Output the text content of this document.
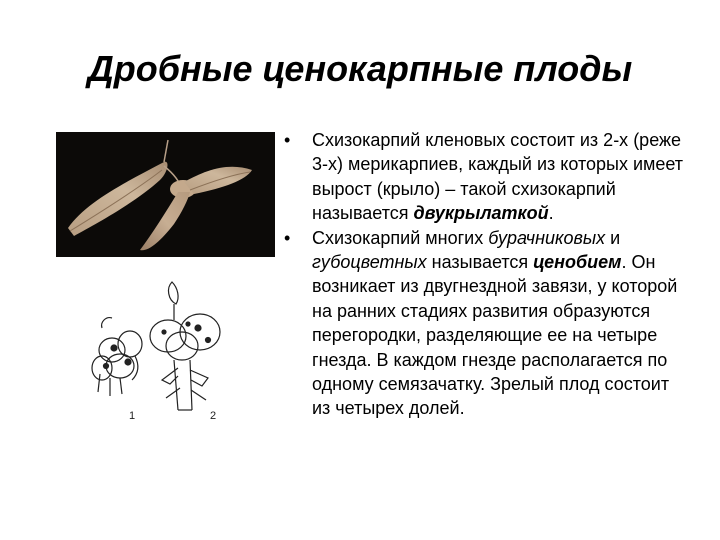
Дробные ценокарпные плоды
1	2

• Схизокарпий кленовых состоит из 2-х (реже 3-х) мерикарпиев, каждый из которых имеет вырост (крыло) – такой схизокарпий называется двукрылаткой.

• Схизокарпий многих бурачниковых и губоцветных называется ценобием. Он возникает из двугнездной завязи, у которой на ранних стадиях развития образуются перегородки, разделяющие ее на четыре гнезда. В каждом гнезде располагается по одному семязачатку. Зрелый плод состоит из четырех долей.
